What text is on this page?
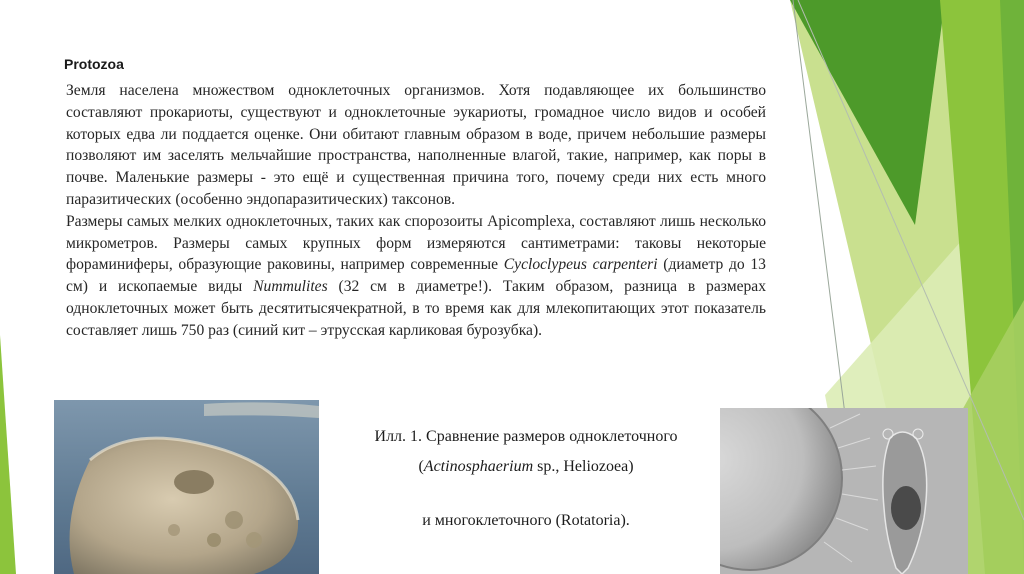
Protozoa

Земля населена множеством одноклеточных организмов. Хотя подавляющее их большинство составляют прокариоты, существуют и одноклеточные эукариоты, громадное число видов и особей которых едва ли поддается оценке. Они обитают главным образом в воде, причем небольшие размеры позволяют им заселять мельчайшие пространства, наполненные влагой, такие, например, как поры в почве. Маленькие размеры - это ещё и существенная причина того, почему среди них есть много паразитических (особенно эндопаразитических) таксонов.

Размеры самых мелких одноклеточных, таких как спорозоиты Apicomplexa, составляют лишь несколько микрометров. Размеры самых крупных форм измеряются сантиметрами: таковы некоторые фораминиферы, образующие раковины, например современные Cycloclypeus carpenteri (диаметр до 13 см) и ископаемые виды Nummulites (32 см в диаметре!). Таким образом, разница в размерах одноклеточных может быть десятитысячекратной, в то время как для млекопитающих этот показатель составляет лишь 750 раз (синий кит – этрусская карликовая бурозубка).

Илл. 1. Сравнение размеров одноклеточного
(Actinosphaerium sp., Heliozoea)
и многоклеточного (Rotatoria).
